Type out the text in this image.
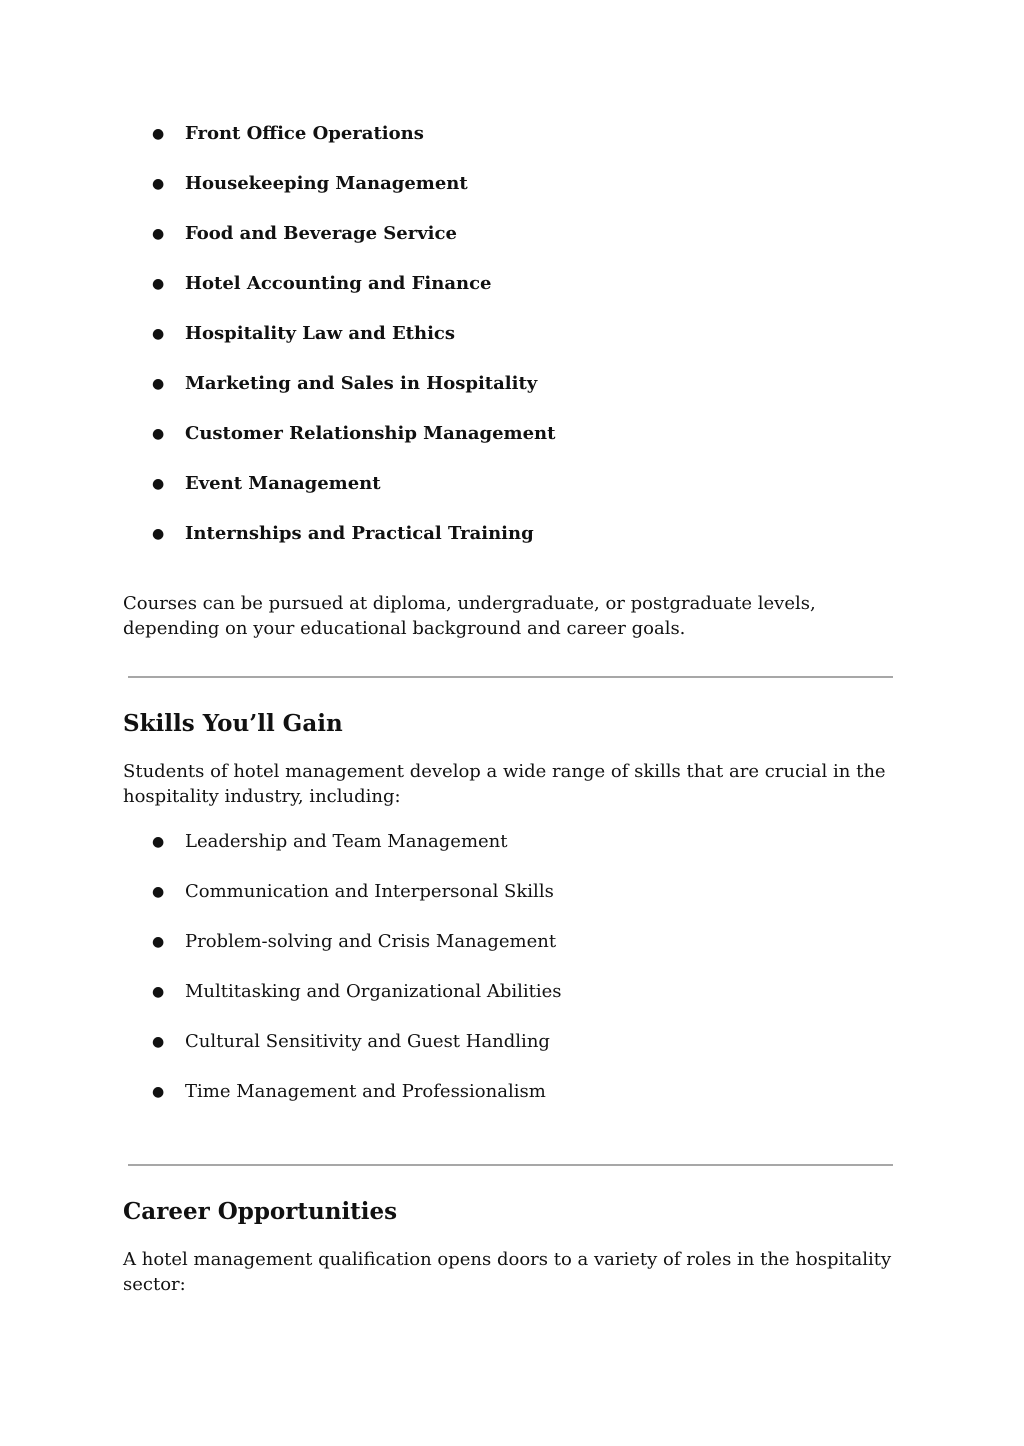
● Front Office Operations
● Housekeeping Management
● Food and Beverage Service
● Hotel Accounting and Finance
● Hospitality Law and Ethics
● Marketing and Sales in Hospitality
● Customer Relationship Management
● Event Management
● Internships and Practical Training

Courses can be pursued at diploma, undergraduate, or postgraduate levels, depending on your educational background and career goals.

Skills You’ll Gain

Students of hotel management develop a wide range of skills that are crucial in the hospitality industry, including:

● Leadership and Team Management
● Communication and Interpersonal Skills
● Problem-solving and Crisis Management
● Multitasking and Organizational Abilities
● Cultural Sensitivity and Guest Handling
● Time Management and Professionalism
Career Opportunities

A hotel management qualification opens doors to a variety of roles in the hospitality sector:
